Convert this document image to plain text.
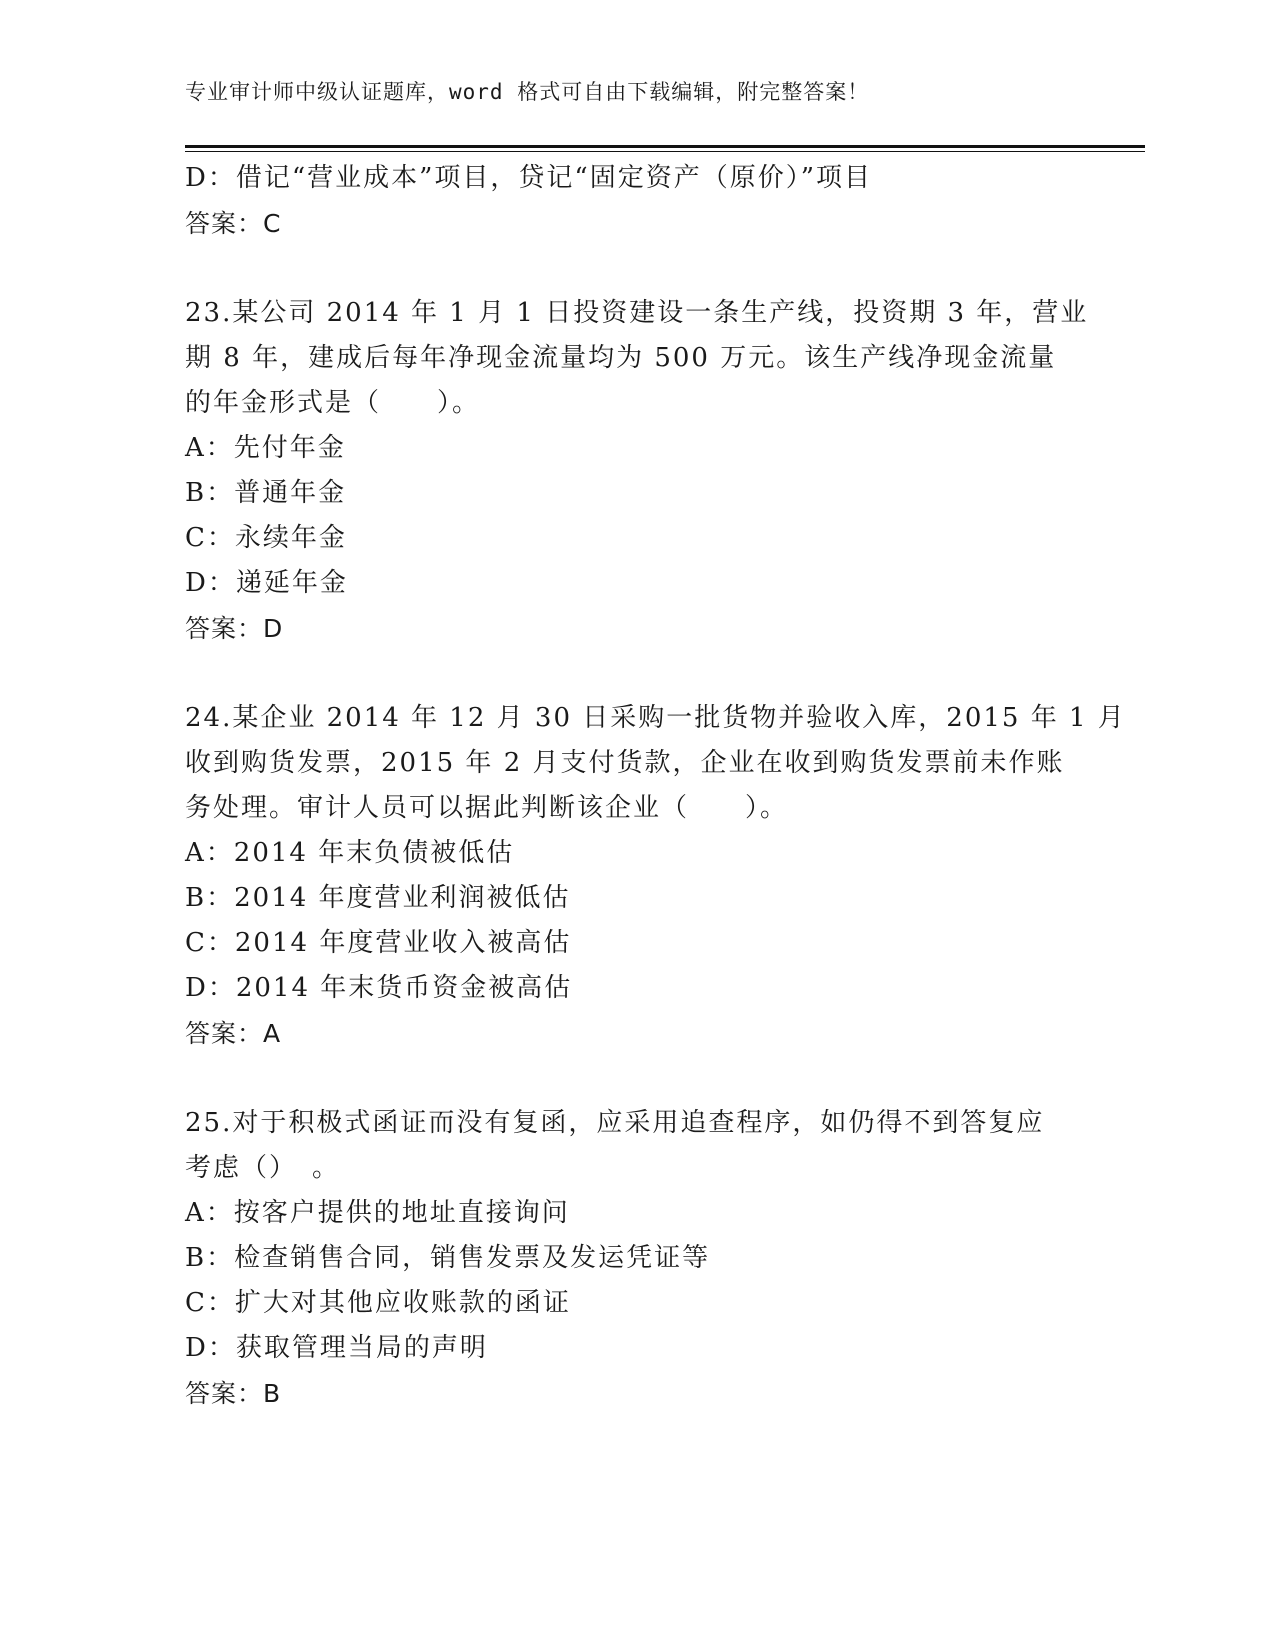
专业审计师中级认证题库，word 格式可自由下载编辑，附完整答案！
D：借记“营业成本”项目，贷记“固定资产（原价）”项目
答案：C
23.某公司 2014 年 1 月 1 日投资建设一条生产线，投资期 3 年，营业
期 8 年，建成后每年净现金流量均为 500 万元。该生产线净现金流量
的年金形式是（　　）。
A：先付年金
B：普通年金
C：永续年金
D：递延年金
答案：D
24.某企业 2014 年 12 月 30 日采购一批货物并验收入库，2015 年 1 月
收到购货发票，2015 年 2 月支付货款，企业在收到购货发票前未作账
务处理。审计人员可以据此判断该企业（　　）。
A：2014 年末负债被低估
B：2014 年度营业利润被低估
C：2014 年度营业收入被高估
D：2014 年末货币资金被高估
答案：A
25.对于积极式函证而没有复函，应采用追查程序，如仍得不到答复应
考虑（）　。
A：按客户提供的地址直接询问
B：检查销售合同，销售发票及发运凭证等
C：扩大对其他应收账款的函证
D：获取管理当局的声明
答案：B
